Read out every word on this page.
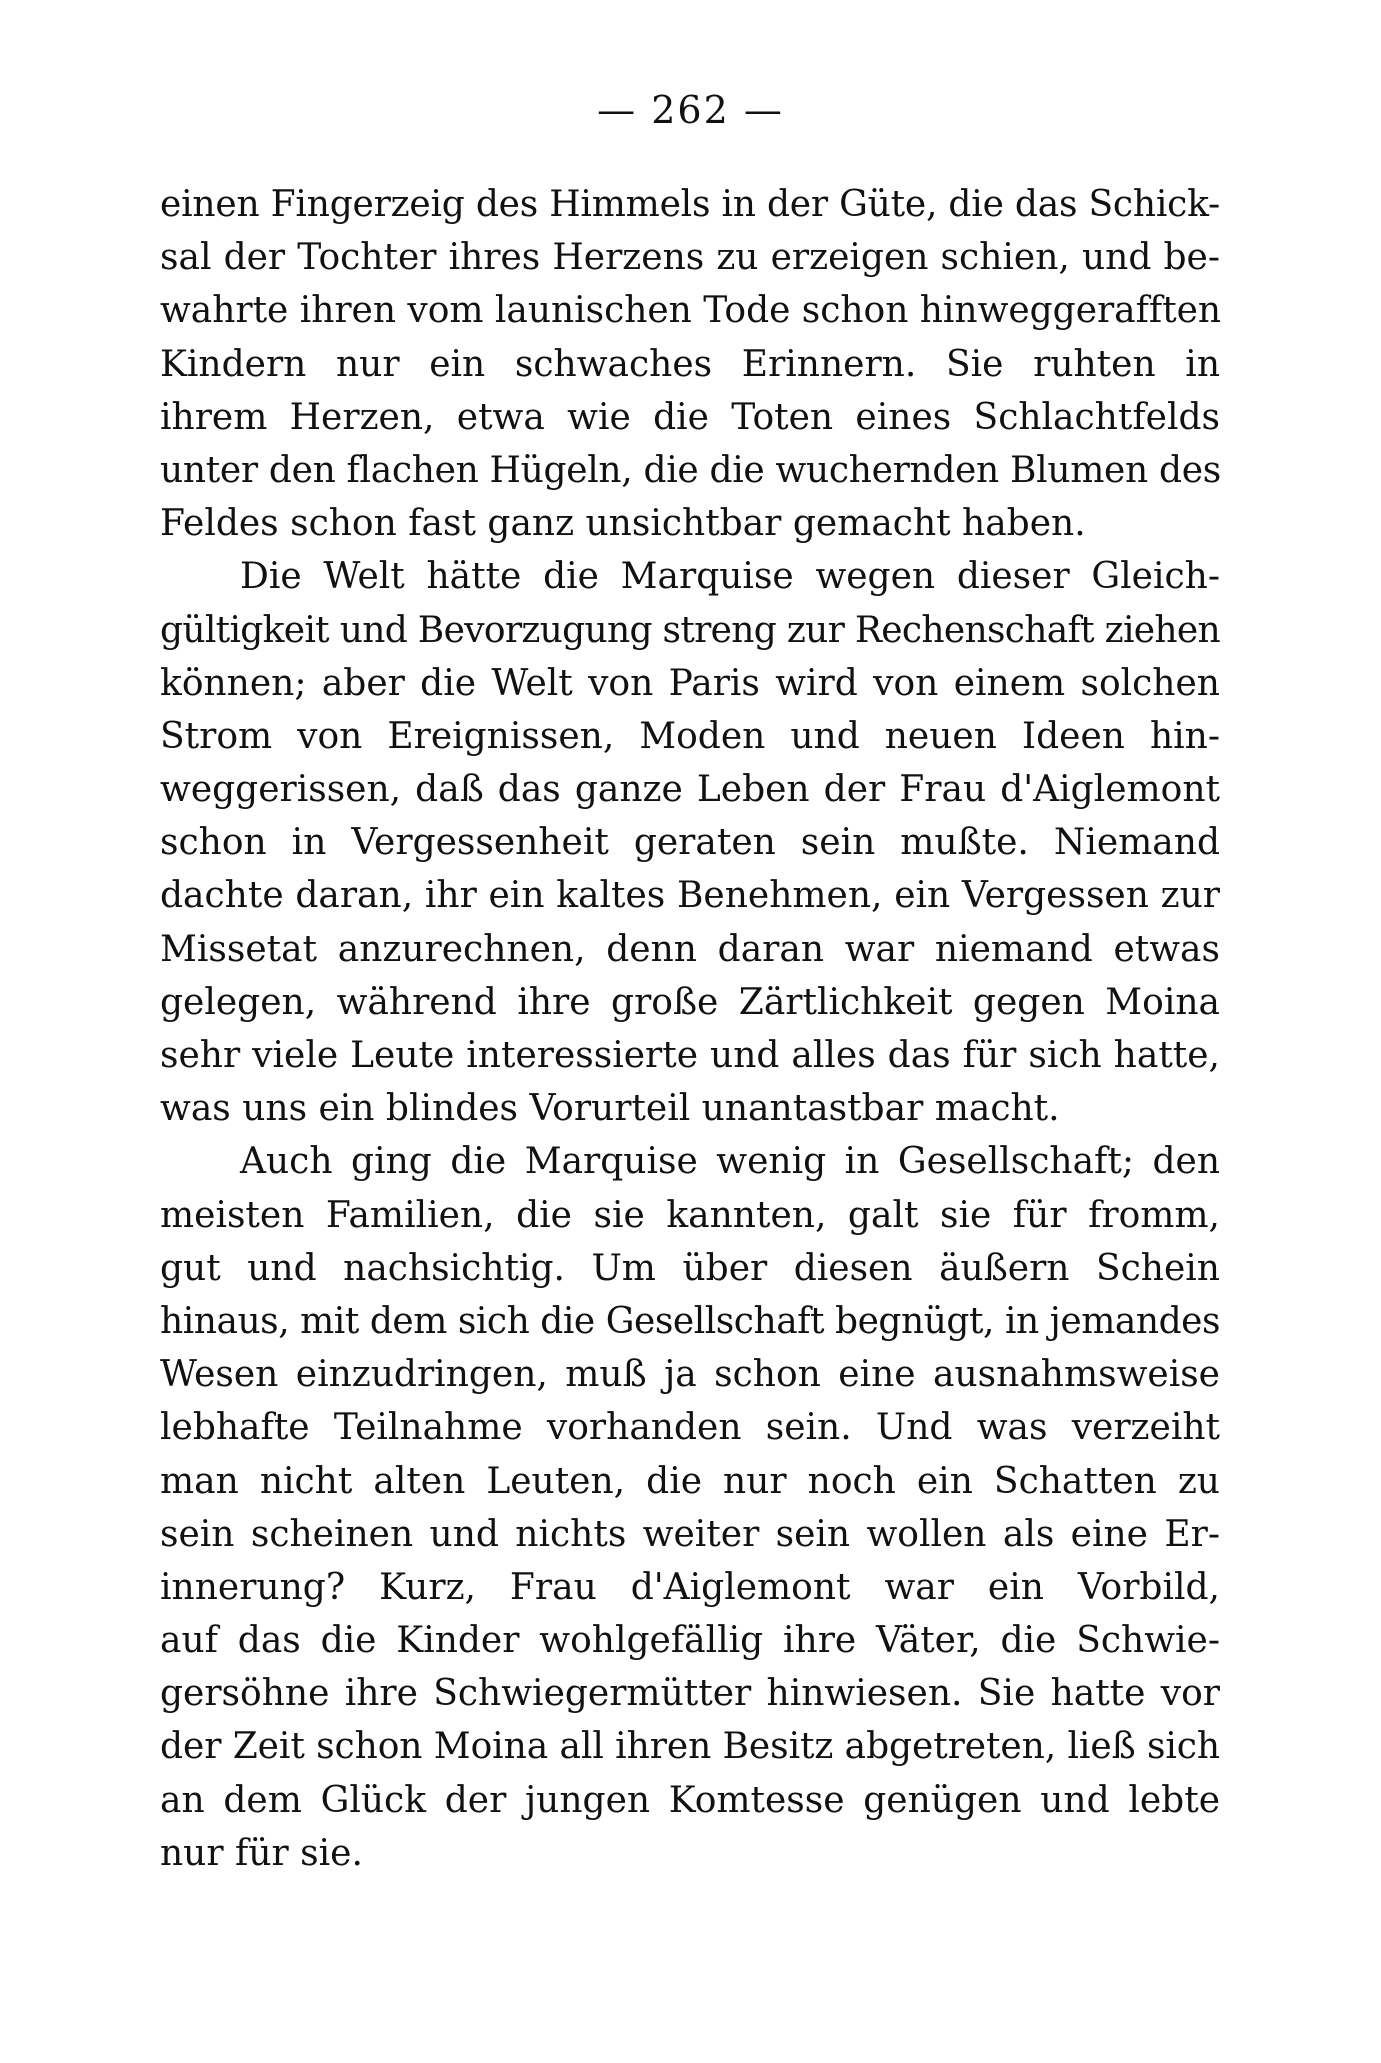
— 262 —
einen Fingerzeig des Himmels in der Güte, die das Schick-
sal der Tochter ihres Herzens zu erzeigen schien, und be-
wahrte ihren vom launischen Tode schon hinweggerafften
Kindern nur ein schwaches Erinnern. Sie ruhten in
ihrem Herzen, etwa wie die Toten eines Schlachtfelds
unter den flachen Hügeln, die die wuchernden Blumen des
Feldes schon fast ganz unsichtbar gemacht haben.
Die Welt hätte die Marquise wegen dieser Gleich-
gültigkeit und Bevorzugung streng zur Rechenschaft ziehen
können; aber die Welt von Paris wird von einem solchen
Strom von Ereignissen, Moden und neuen Ideen hin-
weggerissen, daß das ganze Leben der Frau d'Aiglemont
schon in Vergessenheit geraten sein mußte. Niemand
dachte daran, ihr ein kaltes Benehmen, ein Vergessen zur
Missetat anzurechnen, denn daran war niemand etwas
gelegen, während ihre große Zärtlichkeit gegen Moina
sehr viele Leute interessierte und alles das für sich hatte,
was uns ein blindes Vorurteil unantastbar macht.
Auch ging die Marquise wenig in Gesellschaft; den
meisten Familien, die sie kannten, galt sie für fromm,
gut und nachsichtig. Um über diesen äußern Schein
hinaus, mit dem sich die Gesellschaft begnügt, in jemandes
Wesen einzudringen, muß ja schon eine ausnahmsweise
lebhafte Teilnahme vorhanden sein. Und was verzeiht
man nicht alten Leuten, die nur noch ein Schatten zu
sein scheinen und nichts weiter sein wollen als eine Er-
innerung? Kurz, Frau d'Aiglemont war ein Vorbild,
auf das die Kinder wohlgefällig ihre Väter, die Schwie-
gersöhne ihre Schwiegermütter hinwiesen. Sie hatte vor
der Zeit schon Moina all ihren Besitz abgetreten, ließ sich
an dem Glück der jungen Komtesse genügen und lebte
nur für sie.
